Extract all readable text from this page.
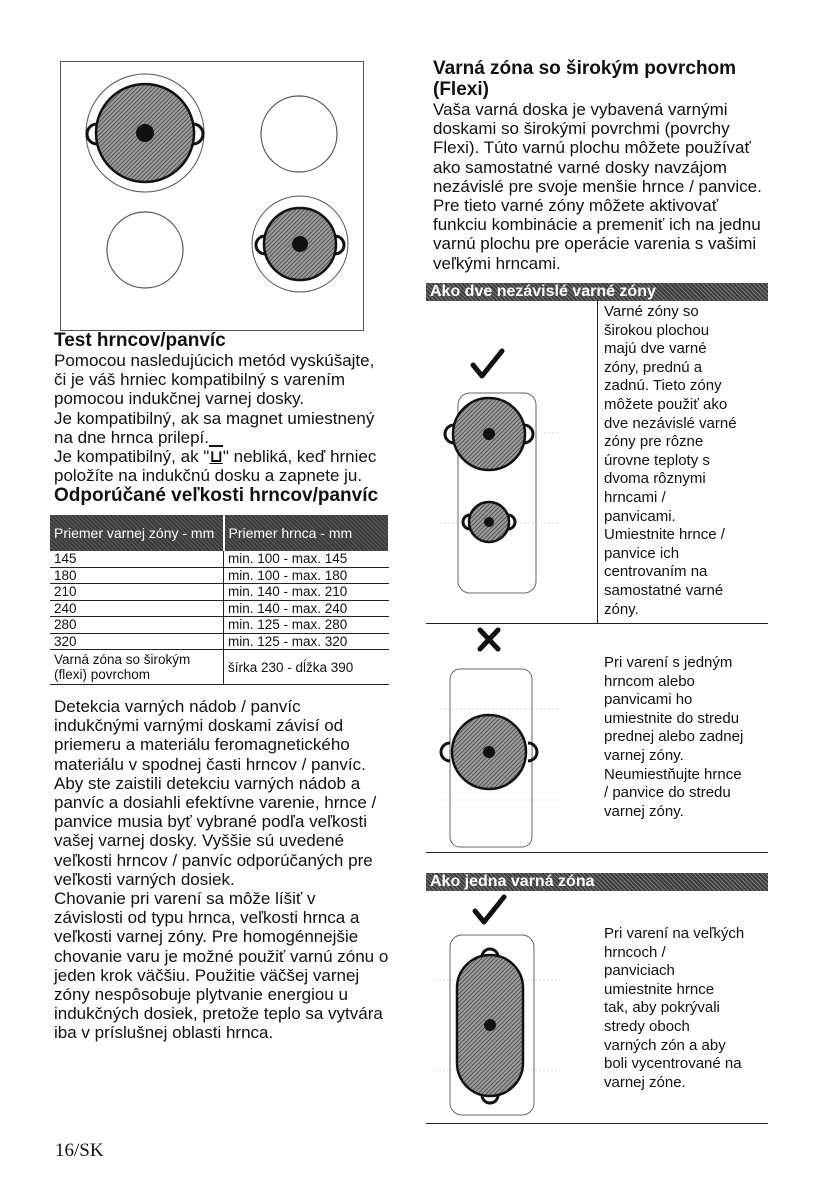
Test hrncov/panvíc

Pomocou nasledujúcich metód vyskúšajte,

či je váš hrniec kompatibilný s varením

pomocou indukčnej varnej dosky.

Je kompatibilný, ak sa magnet umiestnený

na dne hrnca prilepí.

Je kompatibilný, ak "⊔" nebliká, keď hrniec

položíte na indukčnú dosku a zapnete ju.

Odporúčané veľkosti hrncov/panvíc

Priemer varnej zóny - mm	Priemer hrnca - mm
145	min. 100 - max. 145
180	min. 100 - max. 180
210	min. 140 - max. 210
240	min. 140 - max. 240
280	min. 125 - max. 280
320	min. 125 - max. 320
Varná zóna so širokým (flexi) povrchom	šírka 230 - dĺžka 390

Detekcia varných nádob / panvíc

indukčnými varnými doskami závisí od

priemeru a materiálu feromagnetického

materiálu v spodnej časti hrncov / panvíc.

Aby ste zaistili detekciu varných nádob a

panvíc a dosiahli efektívne varenie, hrnce /

panvice musia byť vybrané podľa veľkosti

vašej varnej dosky. Vyššie sú uvedené

veľkosti hrncov / panvíc odporúčaných pre

veľkosti varných dosiek.

Chovanie pri varení sa môže líšiť v

závislosti od typu hrnca, veľkosti hrnca a

veľkosti varnej zóny. Pre homogénnejšie

chovanie varu je možné použiť varnú zónu o

jeden krok väčšiu. Použitie väčšej varnej

zóny nespôsobuje plytvanie energiou u

indukčných dosiek, pretože teplo sa vytvára

iba v príslušnej oblasti hrnca.

Varná zóna so širokým povrchom

(Flexi)

Vaša varná doska je vybavená varnými

doskami so širokými povrchmi (povrchy

Flexi). Túto varnú plochu môžete používať

ako samostatné varné dosky navzájom

nezávislé pre svoje menšie hrnce / panvice.

Pre tieto varné zóny môžete aktivovať

funkciu kombinácie a premeniť ich na jednu

varnú plochu pre operácie varenia s vašimi

veľkými hrncami.

Ako dve nezávislé varné zóny
Varné zóny so
širokou plochou
majú dve varné
zóny, prednú a
zadnú. Tieto zóny
môžete použiť ako
dve nezávislé varné
zóny pre rôzne
úrovne teploty s
dvoma rôznymi
hrncami /
panvicami.
Umiestnite hrnce /
panvice ich
centrovaním na
samostatné varné
zóny.
Pri varení s jedným
hrncom alebo
panvicami ho
umiestnite do stredu
prednej alebo zadnej
varnej zóny.
Neumiestňujte hrnce
/ panvice do stredu
varnej zóny.
Ako jedna varná zóna
Pri varení na veľkých
hrncoch /
panviciach
umiestnite hrnce
tak, aby pokrývali
stredy oboch
varných zón a aby
boli vycentrované na
varnej zóne.
16/SK
